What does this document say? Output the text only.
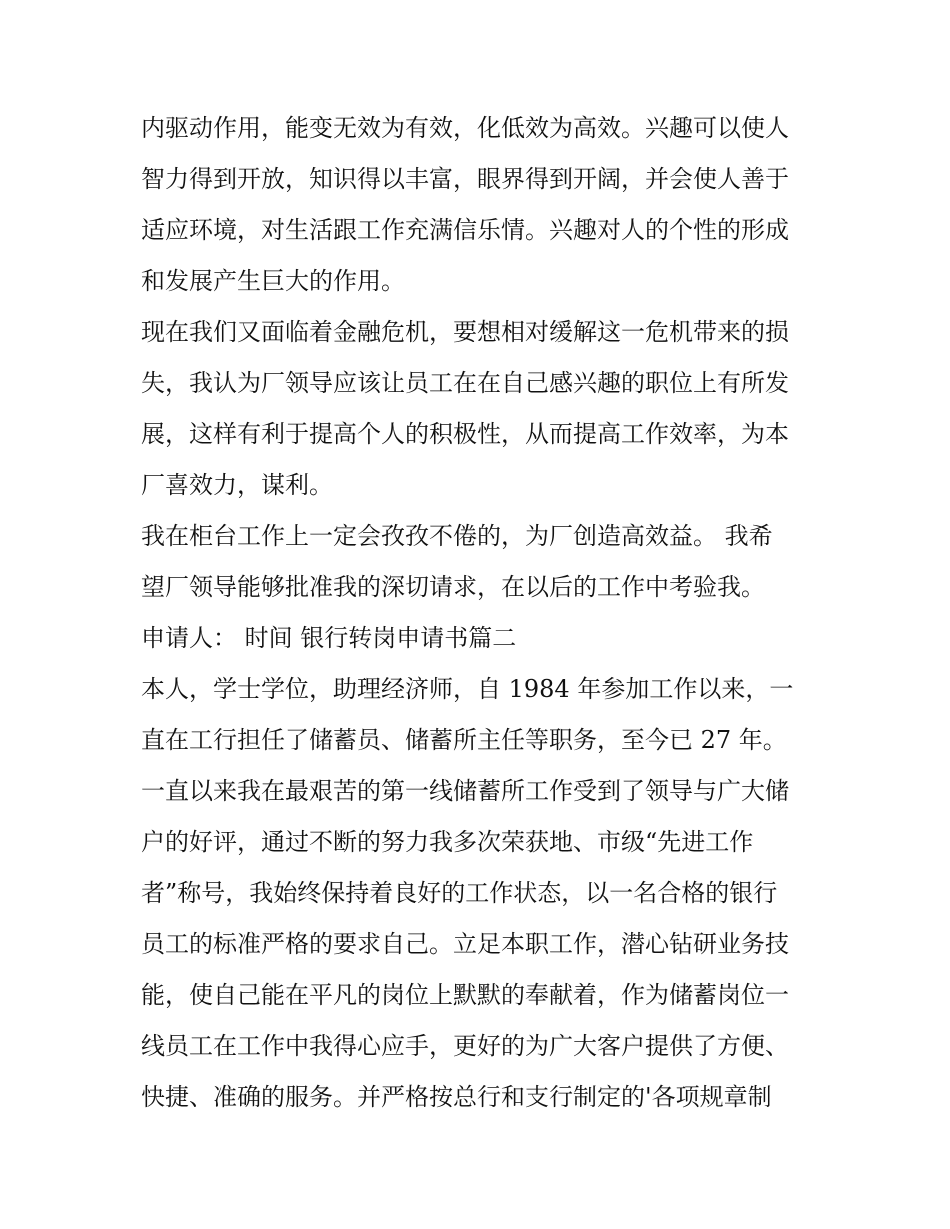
内驱动作用，能变无效为有效，化低效为高效。兴趣可以使人
智力得到开放，知识得以丰富，眼界得到开阔，并会使人善于
适应环境，对生活跟工作充满信乐情。兴趣对人的个性的形成
和发展产生巨大的作用。
现在我们又面临着金融危机，要想相对缓解这一危机带来的损
失，我认为厂领导应该让员工在在自己感兴趣的职位上有所发
展，这样有利于提高个人的积极性，从而提高工作效率，为本
厂喜效力，谋利。
我在柜台工作上一定会孜孜不倦的，为厂创造高效益。 我希
望厂领导能够批准我的深切请求，在以后的工作中考验我。
申请人： 时间 银行转岗申请书篇二
本人，学士学位，助理经济师，自 1984 年参加工作以来，一
直在工行担任了储蓄员、储蓄所主任等职务，至今已 27 年。
一直以来我在最艰苦的第一线储蓄所工作受到了领导与广大储
户的好评，通过不断的努力我多次荣获地、市级“先进工作
者”称号，我始终保持着良好的工作状态，以一名合格的银行
员工的标准严格的要求自己。立足本职工作，潜心钻研业务技
能，使自己能在平凡的岗位上默默的奉献着，作为储蓄岗位一
线员工在工作中我得心应手，更好的为广大客户提供了方便、
快捷、准确的服务。并严格按总行和支行制定的'各项规章制
